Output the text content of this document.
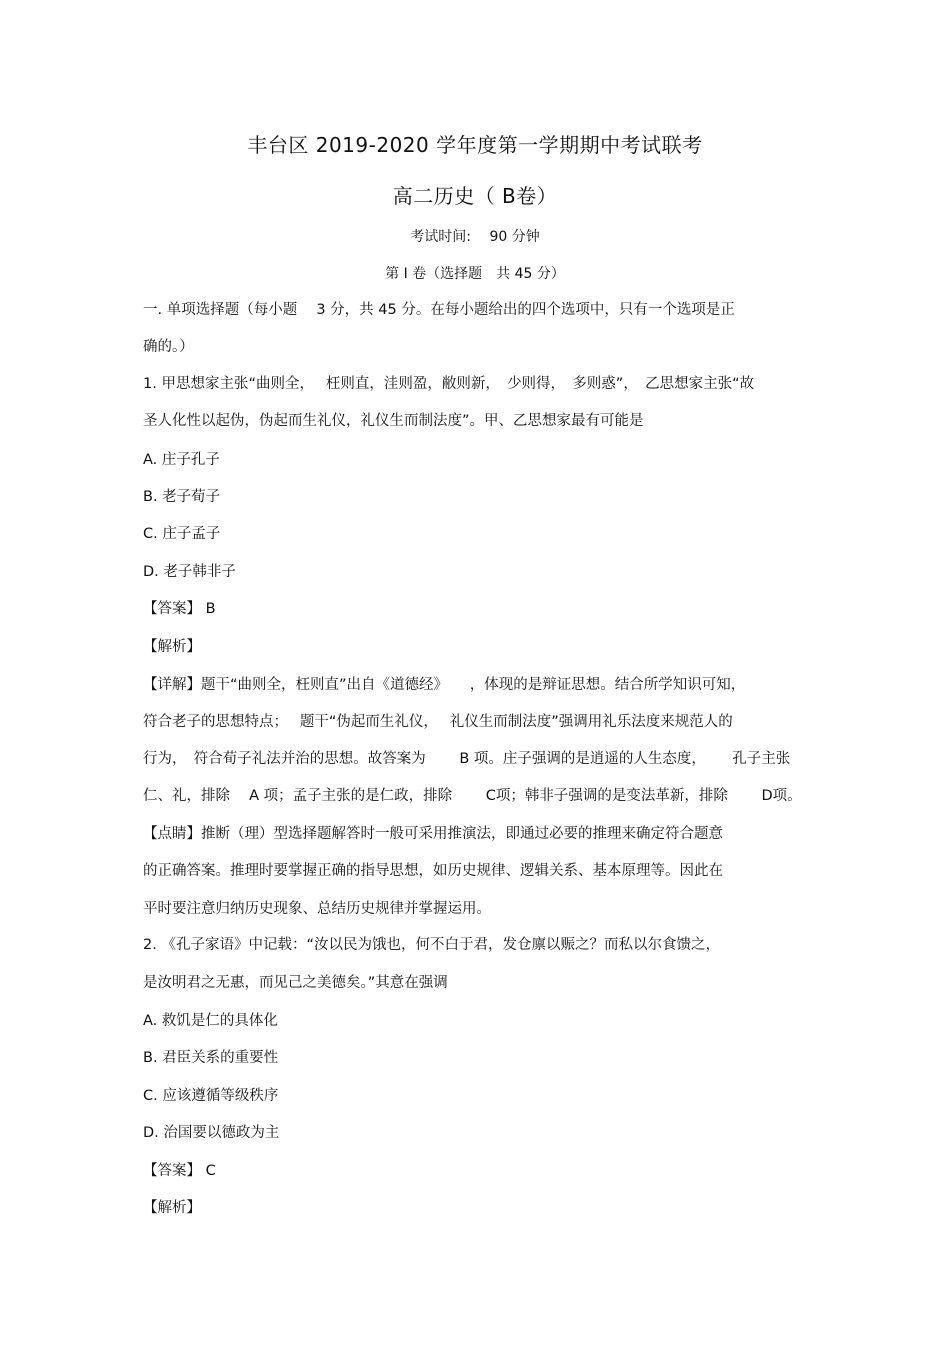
丰台区 2019-2020 学年度第一学期期中考试联考
高二历史（ B卷）
考试时间:　 90 分钟
第 I 卷（选择题　共 45 分）
一. 单项选择题（每小题　 3 分，共 45 分。在每小题给出的四个选项中，只有一个选项是正
确的。）
1. 甲思想家主张“曲则全，　 枉则直，洼则盈，敝则新，　少则得，　多则惑”，　乙思想家主张“故
圣人化性以起伪，伪起而生礼仪，礼仪生而制法度”。甲、乙思想家最有可能是
A. 庄子孔子
B. 老子荀子
C. 庄子孟子
D. 老子韩非子
【答案】 B
【解析】
【详解】题干“曲则全，枉则直”出自《道德经》　　，体现的是辩证思想。结合所学知识可知，
符合老子的思想特点；　 题干“伪起而生礼仪，　 礼仪生而制法度”强调用礼乐法度来规范人的
行为，　符合荀子礼法并治的思想。故答案为　　 B 项。庄子强调的是逍遥的人生态度，　　 孔子主张
仁、礼，排除　 A 项；孟子主张的是仁政，排除　　 C项；韩非子强调的是变法革新，排除　　 D项。
【点睛】推断（理）型选择题解答时一般可采用推演法，即通过必要的推理来确定符合题意
的正确答案。推理时要掌握正确的指导思想，如历史规律、逻辑关系、基本原理等。因此在
平时要注意归纳历史现象、总结历史规律并掌握运用。
2. 《孔子家语》中记载：“汝以民为饿也，何不白于君，发仓廪以赈之？而私以尔食馈之，
是汝明君之无惠，而见己之美德矣。”其意在强调
A. 救饥是仁的具体化
B. 君臣关系的重要性
C. 应该遵循等级秩序
D. 治国要以德政为主
【答案】 C
【解析】
